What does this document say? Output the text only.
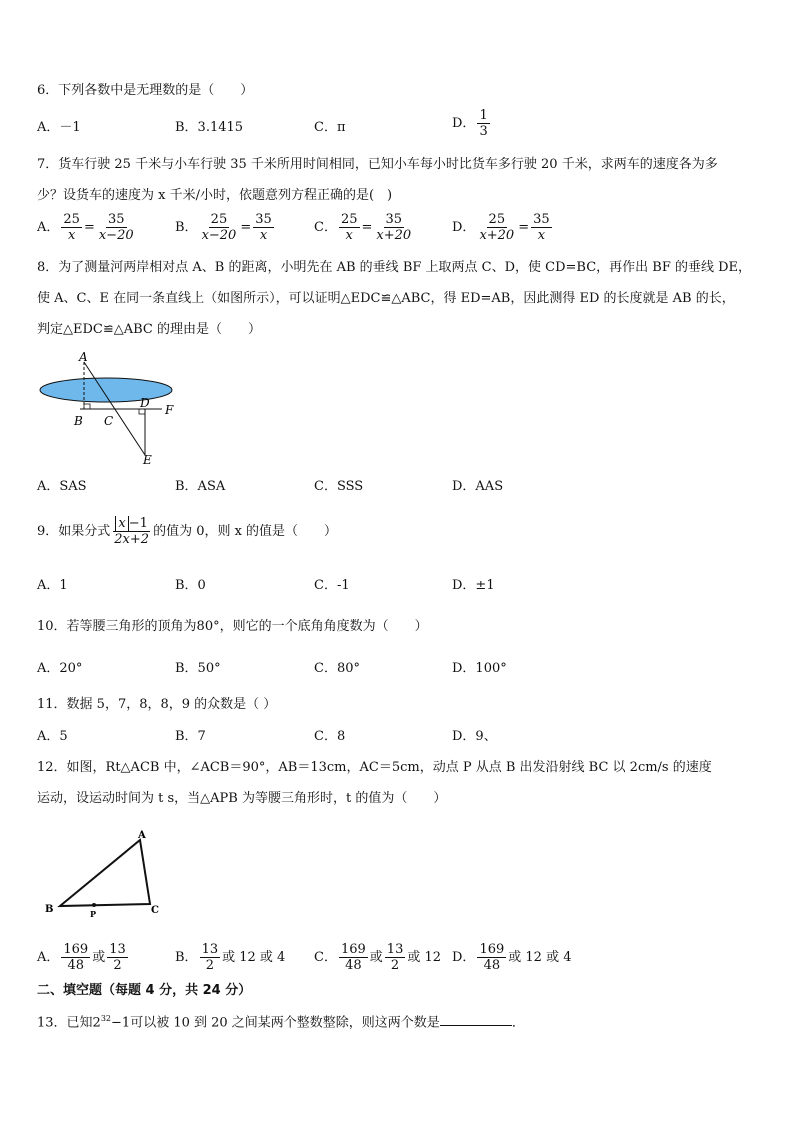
6．下列各数中是无理数的是（　　）
A．－1	B．3.1415	C．π	D． $\frac{1}{3}$
7．货车行驶 25 千米与小车行驶 35 千米所用时间相同，已知小车每小时比货车多行驶 20 千米，求两车的速度各为多
少？设货车的速度为 x 千米/小时，依题意列方程正确的是(　)
A． $\frac{25}{x} = \frac{35}{x-20}$	B． $\frac{25}{x-20} = \frac{35}{x}$	C． $\frac{25}{x} = \frac{35}{x+20}$	D． $\frac{25}{x+20} = \frac{35}{x}$
8．为了测量河两岸相对点 A、B 的距离，小明先在 AB 的垂线 BF 上取两点 C、D，使 CD=BC，再作出 BF 的垂线 DE，
使 A、C、E 在同一条直线上（如图所示），可以证明△EDC≌△ABC，得 ED=AB，因此测得 ED 的长度就是 AB 的长，
判定△EDC≌△ABC 的理由是（　　）
A
B C
D F
E
A．SAS	B．ASA	C．SSS	D．AAS
9．如果分式 $\frac{x -1}{2x+2}$ 的值为 0，则 x 的值是（　　）
A．1	B．0	C．-1	D．±1
10．若等腰三角形的顶角为80°，则它的一个底角角度数为（　　）
A．20°	B．50°	C．80°	D．100°
11．数据 5，7，8，8，9 的众数是（ ）
A．5	B．7	C．8	D．9、
12．如图，Rt△ACB 中，∠ACB＝90°，AB＝13cm，AC＝5cm，动点 P 从点 B 出发沿射线 BC 以 2cm/s 的速度
运动，设运动时间为 t s，当△APB 为等腰三角形时，t 的值为（　　）
A
B	C
P
A． $\frac{169}{48}$ 或 $\frac{13}{2}$	B． $\frac{13}{2}$ 或 12 或 4 C． $\frac{169}{48}$ 或 $\frac{13}{2}$ 或 12 D． $\frac{169}{48}$ 或 12 或 4
二、填空题（每题 4 分，共 24 分）
13．已知$2^{32}-1$可以被 10 到 20 之间某两个整数整除，则这两个数是	．
